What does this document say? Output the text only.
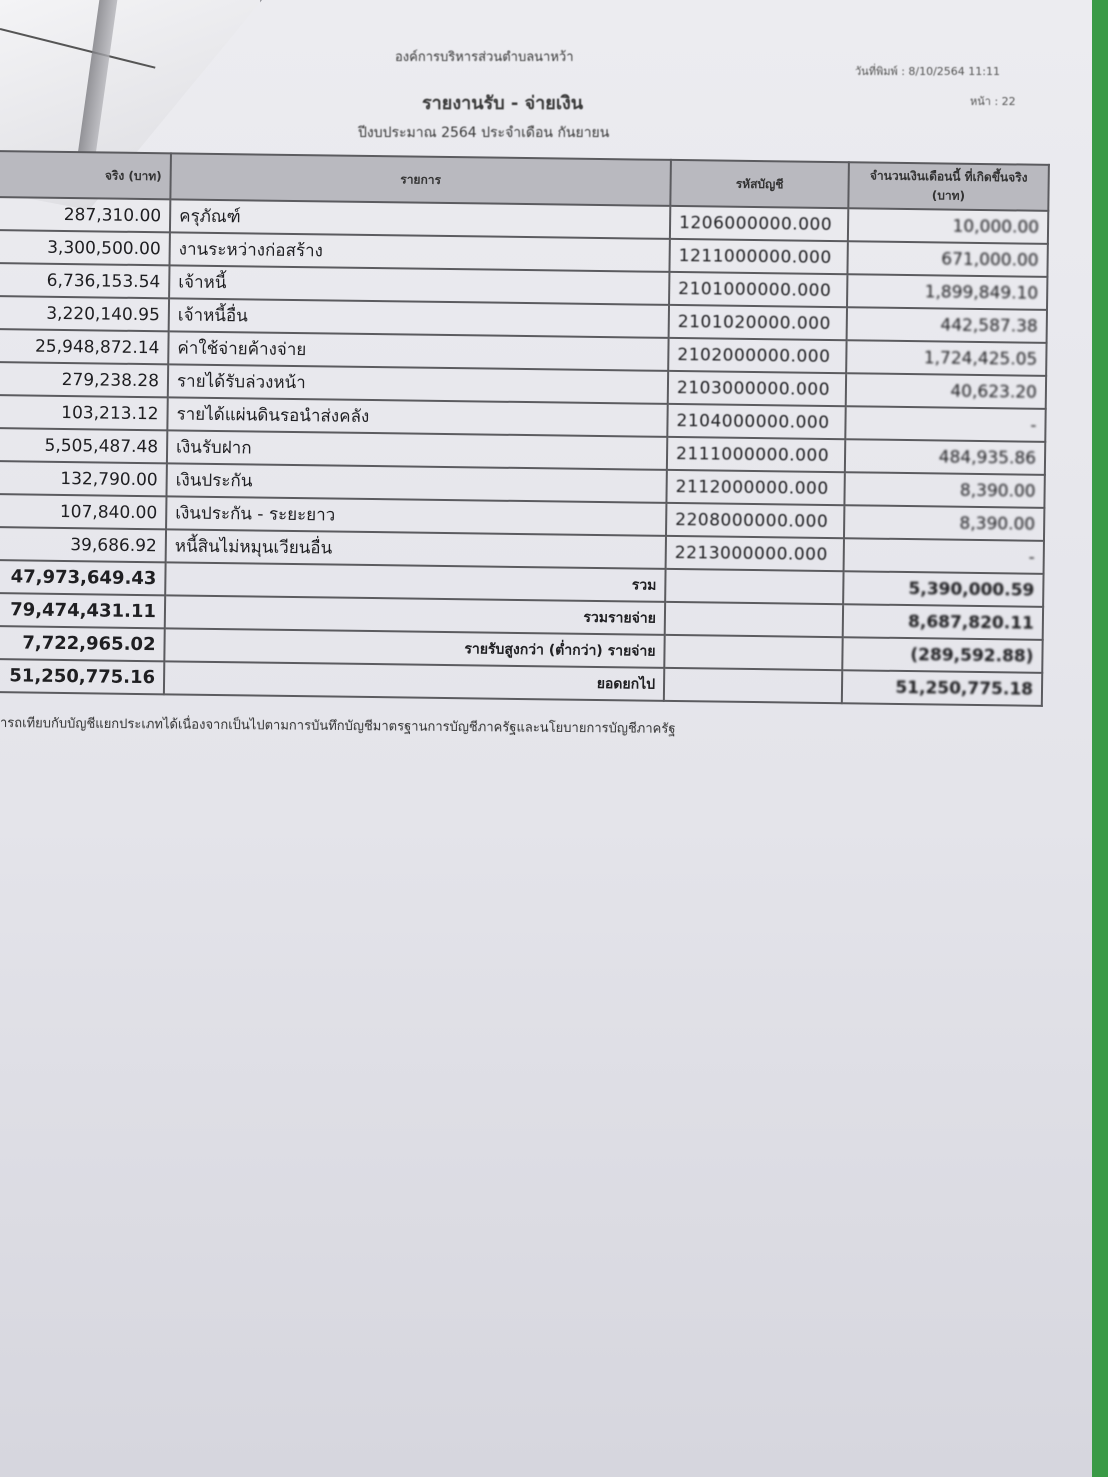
องค์การบริหารส่วนตำบลนาหว้า
รายงานรับ - จ่ายเงิน
ปีงบประมาณ 2564 ประจำเดือน กันยายน
วันที่พิมพ์ : 8/10/2564 11:11
หน้า : 22
จริง (บาท)	รายการ	รหัสบัญชี	จำนวนเงินเดือนนี้ ที่เกิดขึ้นจริง (บาท)
287,310.00	ครุภัณฑ์	1206000000.000	10,000.00
3,300,500.00	งานระหว่างก่อสร้าง	1211000000.000	671,000.00
6,736,153.54	เจ้าหนี้	2101000000.000	1,899,849.10
3,220,140.95	เจ้าหนี้อื่น	2101020000.000	442,587.38
25,948,872.14	ค่าใช้จ่ายค้างจ่าย	2102000000.000	1,724,425.05
279,238.28	รายได้รับล่วงหน้า	2103000000.000	40,623.20
103,213.12	รายได้แผ่นดินรอนำส่งคลัง	2104000000.000	-
5,505,487.48	เงินรับฝาก	2111000000.000	484,935.86
132,790.00	เงินประกัน	2112000000.000	8,390.00
107,840.00	เงินประกัน - ระยะยาว	2208000000.000	8,390.00
39,686.92	หนี้สินไม่หมุนเวียนอื่น	2213000000.000	-
47,973,649.43	รวม		5,390,000.59
79,474,431.11	รวมรายจ่าย		8,687,820.11
7,722,965.02	รายรับสูงกว่า (ต่ำกว่า) รายจ่าย		(289,592.88)
51,250,775.16	ยอดยกไป		51,250,775.18
ารถเทียบกับบัญชีแยกประเภทได้เนื่องจากเป็นไปตามการบันทึกบัญชีมาตรฐานการบัญชีภาครัฐและนโยบายการบัญชีภาครัฐ
